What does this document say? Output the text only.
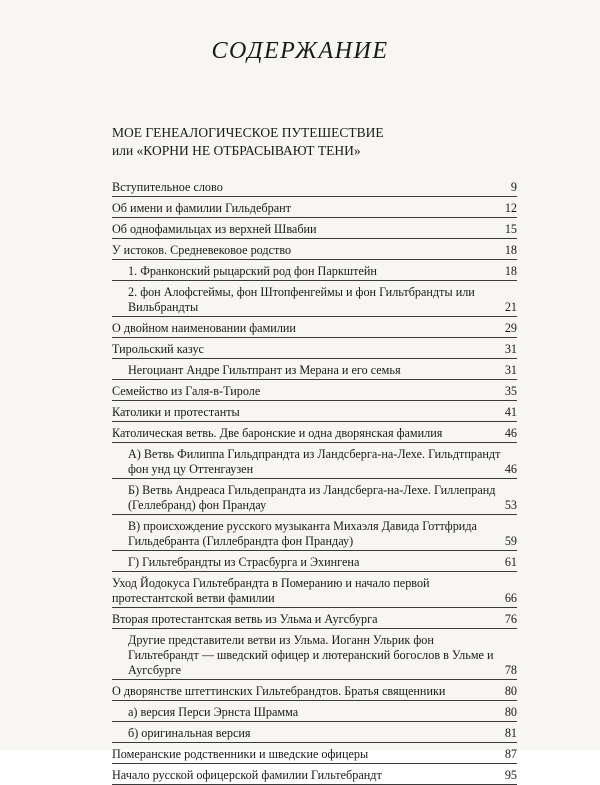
СОДЕРЖАНИЕ
МОЕ ГЕНЕАЛОГИЧЕСКОЕ ПУТЕШЕСТВИЕ
или «КОРНИ НЕ ОТБРАСЫВАЮТ ТЕНИ»
Вступительное слово	9
Об имени и фамилии Гильдебрант	12
Об однофамильцах из верхней Швабии	15
У истоков. Средневековое родство	18
1. Франконский рыцарский род фон Паркштейн	18
2. фон Алофсгеймы, фон Штопфенгеймы и фон Гильтбрандты или Вильбрандты	21
О двойном наименовании фамилии	29
Тирольский казус	31
Негоциант Андре Гильтпрант из Мерана и его семья	31
Семейство из Галя-в-Тироле	35
Католики и протестанты	41
Католическая ветвь. Две баронские и одна дворянская фамилия	46
А) Ветвь Филиппа Гильдпрандта из Ландсберга-на-Лехе. Гильдтпрандт фон унд цу Оттенгаузен	46
Б) Ветвь Андреаса Гильдепрандта из Ландсберга-на-Лехе. Гиллепранд (Геллебранд) фон Прандау	53
В) происхождение русского музыканта Михаэля Давида Готтфрида Гильдебранта (Гиллебрандта фон Прандау)	59
Г) Гильтебрандты из Страсбурга и Эхингена	61
Уход Йодокуса Гильтебрандта в Померанию и начало первой протестантской ветви фамилии	66
Вторая протестантская ветвь из Ульма и Аугсбурга	76
Другие представители ветви из Ульма. Иоганн Ульрик фон Гильтебрандт — шведский офицер и лютеранский богослов в Ульме и Аугсбурге	78
О дворянстве штеттинских Гильтебрандтов. Братья священники	80
а) версия Перси Эрнста Шрамма	80
б) оригинальная версия	81
Померанские родственники и шведские офицеры	87
Начало русской офицерской фамилии Гильтебрандт	95
